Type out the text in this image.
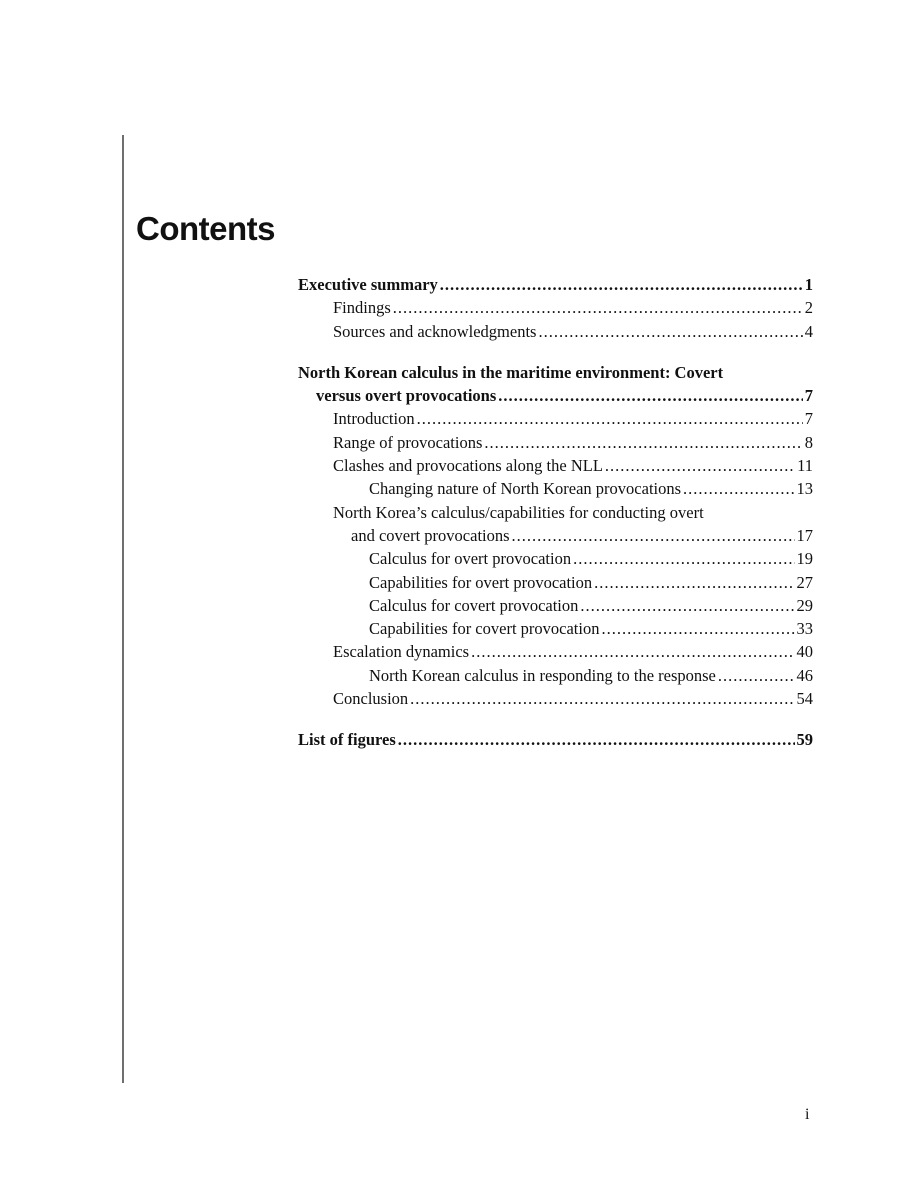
Contents
Executive summary .....	1
Findings .....	2
Sources and acknowledgments .....	4
North Korean calculus in the maritime environment: Covert
versus overt provocations .....	7
Introduction .....	7
Range of provocations .....	8
Clashes and provocations along the NLL .....	11
Changing nature of North Korean provocations .....	13
North Korea’s calculus/capabilities for conducting overt
and covert provocations .....	17
Calculus for overt provocation .....	19
Capabilities for overt provocation .....	27
Calculus for covert provocation .....	29
Capabilities for covert provocation .....	33
Escalation dynamics .....	40
North Korean calculus in responding to the response .....	46
Conclusion .....	54
List of figures .....	59
i
